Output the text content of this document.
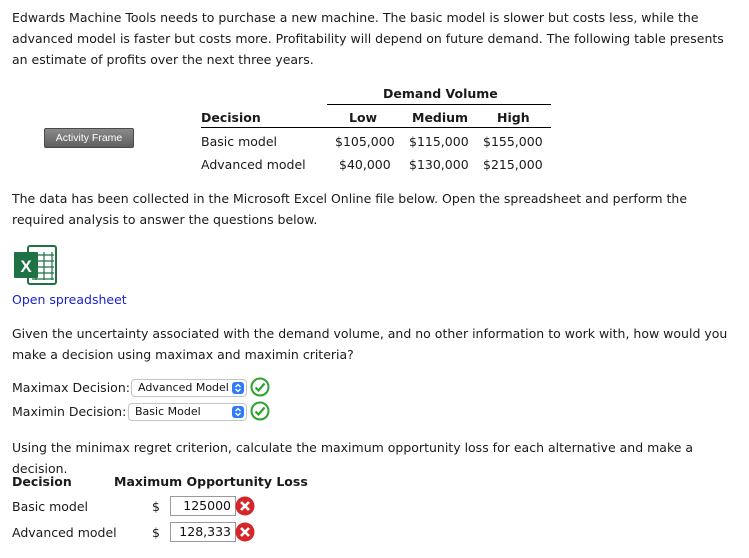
Edwards Machine Tools needs to purchase a new machine. The basic model is slower but costs less, while the advanced model is faster but costs more. Profitability will depend on future demand. The following table presents an estimate of profits over the next three years.
Activity Frame
Demand Volume
Decision	Low	Medium High
Basic model	$105,000 $115,000 $155,000
Advanced model	$40,000 $130,000 $215,000
The data has been collected in the Microsoft Excel Online file below. Open the spreadsheet and perform the required analysis to answer the questions below.
X
Open spreadsheet
Given the uncertainty associated with the demand volume, and no other information to work with, how would you make a decision using maximax and maximin criteria?
Maximax Decision: Advanced Model
Maximin Decision: Basic Model
Using the minimax regret criterion, calculate the maximum opportunity loss for each alternative and make a decision.
Decision	Maximum Opportunity Loss
Basic model	$	125000
Advanced model	$	128,333
